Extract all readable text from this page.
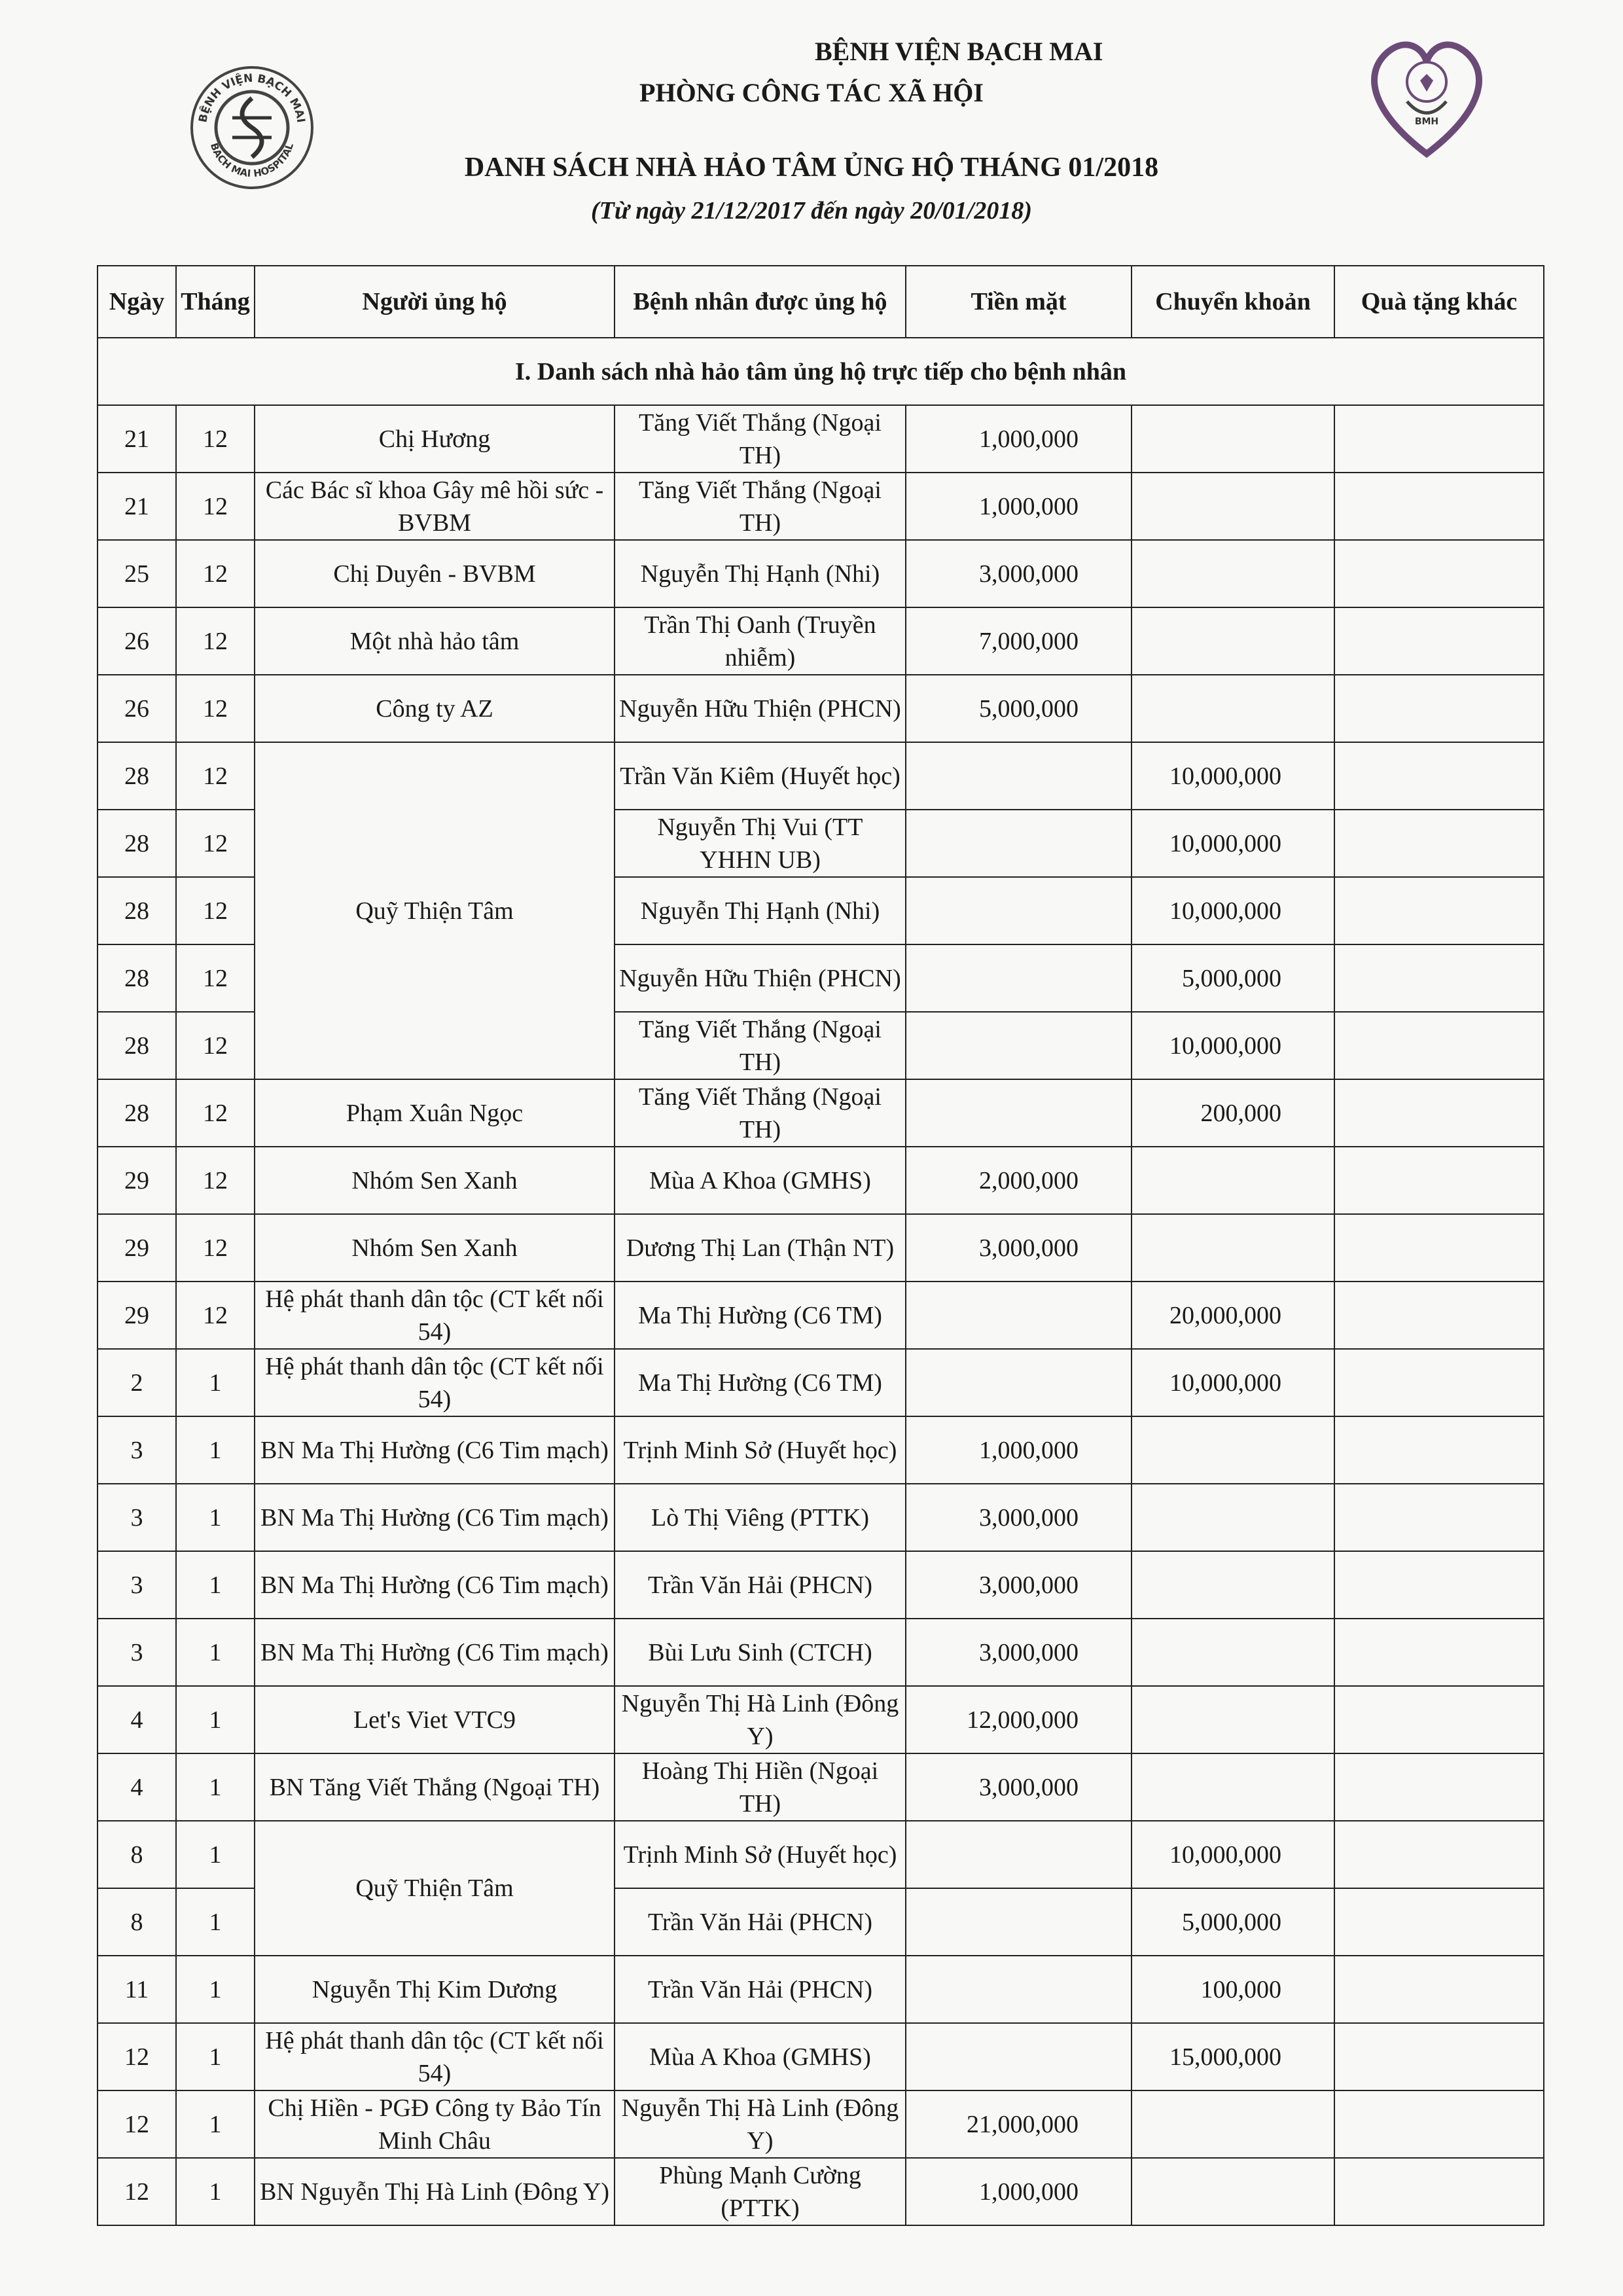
BỆNH VIỆN BẠCH MAI
BACH MAI HOSPITAL
BMH
BỆNH VIỆN BẠCH MAI
PHÒNG CÔNG TÁC XÃ HỘI
DANH SÁCH NHÀ HẢO TÂM ỦNG HỘ THÁNG 01/2018
(Từ ngày 21/12/2017 đến ngày 20/01/2018)
Ngày	Tháng	Người ủng hộ	Bệnh nhân được ủng hộ	Tiền mặt	Chuyển khoản	Quà tặng khác
I. Danh sách nhà hảo tâm ủng hộ trực tiếp cho bệnh nhân						
21	12	Chị Hương	Tăng Viết Thắng (Ngoại TH)	1,000,000		
21	12	Các Bác sĩ khoa Gây mê hồi sức - BVBM	Tăng Viết Thắng (Ngoại TH)	1,000,000		
25	12	Chị Duyên - BVBM	Nguyễn Thị Hạnh (Nhi)	3,000,000		
26	12	Một nhà hảo tâm	Trần Thị Oanh (Truyền nhiễm)	7,000,000		
26	12	Công ty AZ	Nguyễn Hữu Thiện (PHCN)	5,000,000		
28	12	Quỹ Thiện Tâm	Trần Văn Kiêm (Huyết học)		10,000,000	
28	12		Nguyễn Thị Vui (TT YHHN UB)		10,000,000	
28	12		Nguyễn Thị Hạnh (Nhi)		10,000,000	
28	12		Nguyễn Hữu Thiện (PHCN)		5,000,000	
28	12		Tăng Viết Thắng (Ngoại TH)		10,000,000	
28	12	Phạm Xuân Ngọc	Tăng Viết Thắng (Ngoại TH)		200,000	
29	12	Nhóm Sen Xanh	Mùa A Khoa (GMHS)	2,000,000		
29	12	Nhóm Sen Xanh	Dương Thị Lan (Thận NT)	3,000,000		
29	12	Hệ phát thanh dân tộc (CT kết nối 54)	Ma Thị Hường (C6 TM)		20,000,000	
2	1	Hệ phát thanh dân tộc (CT kết nối 54)	Ma Thị Hường (C6 TM)		10,000,000	
3	1	BN Ma Thị Hường (C6 Tim mạch)	Trịnh Minh Sở (Huyết học)	1,000,000		
3	1	BN Ma Thị Hường (C6 Tim mạch)	Lò Thị Viêng (PTTK)	3,000,000		
3	1	BN Ma Thị Hường (C6 Tim mạch)	Trần Văn Hải (PHCN)	3,000,000		
3	1	BN Ma Thị Hường (C6 Tim mạch)	Bùi Lưu Sinh (CTCH)	3,000,000		
4	1	Let's Viet VTC9	Nguyễn Thị Hà Linh (Đông Y)	12,000,000		
4	1	BN Tăng Viết Thắng (Ngoại TH)	Hoàng Thị Hiền (Ngoại TH)	3,000,000		
8	1	Quỹ Thiện Tâm	Trịnh Minh Sở (Huyết học)		10,000,000	
8	1		Trần Văn Hải (PHCN)		5,000,000	
11	1	Nguyễn Thị Kim Dương	Trần Văn Hải (PHCN)		100,000	
12	1	Hệ phát thanh dân tộc (CT kết nối 54)	Mùa A Khoa (GMHS)		15,000,000	
12	1	Chị Hiền - PGĐ Công ty Bảo Tín Minh Châu	Nguyễn Thị Hà Linh (Đông Y)	21,000,000		
12	1	BN Nguyễn Thị Hà Linh (Đông Y)	Phùng Mạnh Cường (PTTK)	1,000,000		
